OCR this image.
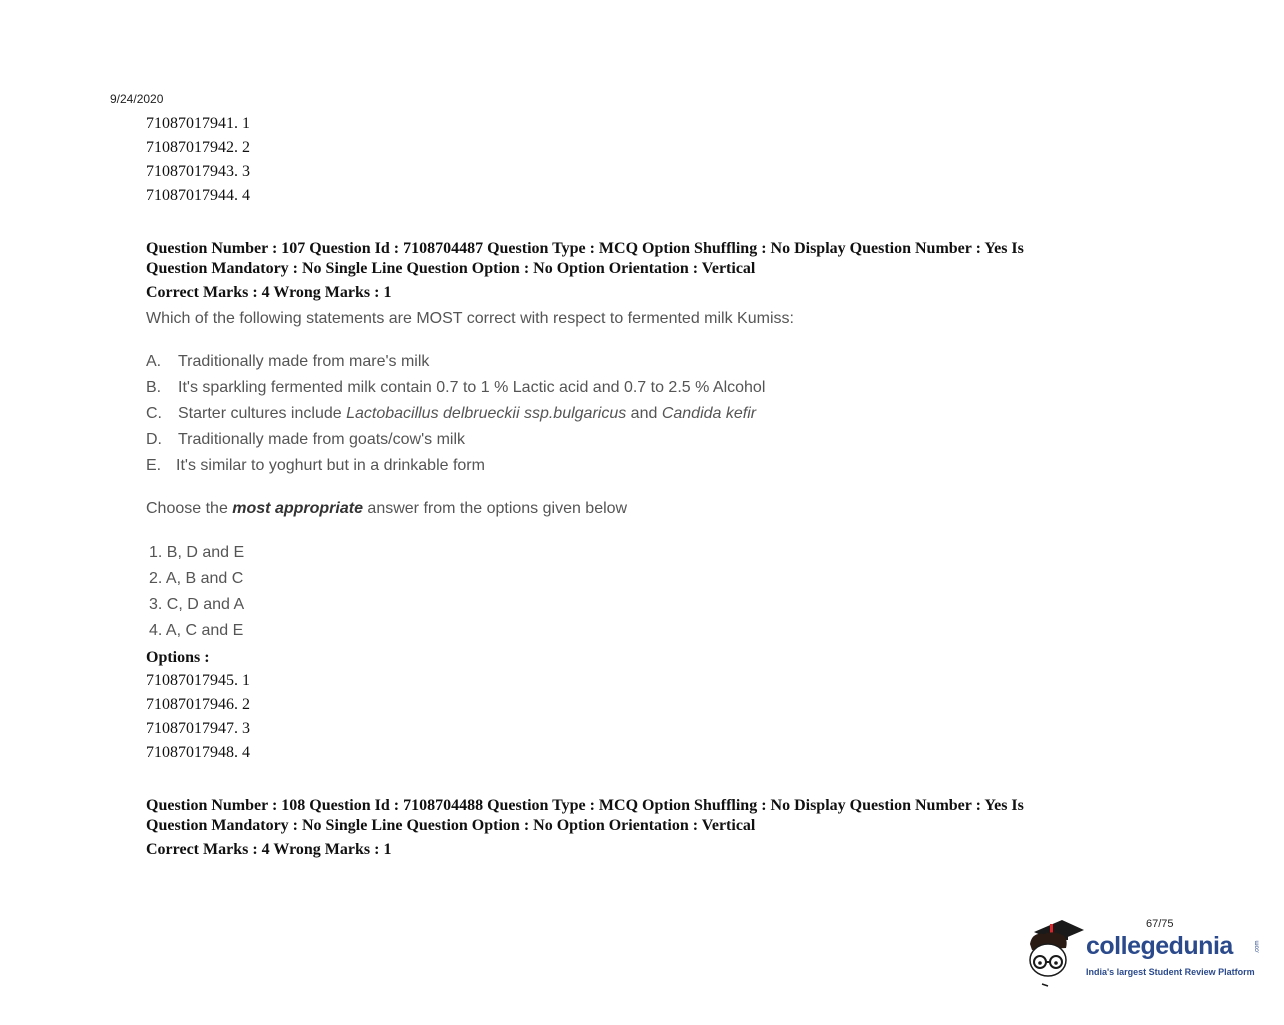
9/24/2020
71087017941. 1
71087017942. 2
71087017943. 3
71087017944. 4
Question Number : 107 Question Id : 7108704487 Question Type : MCQ Option Shuffling : No Display Question Number : Yes Is
Question Mandatory : No Single Line Question Option : No Option Orientation : Vertical
Correct Marks : 4 Wrong Marks : 1
Which of the following statements are MOST correct with respect to fermented milk Kumiss:
A. Traditionally made from mare's milk
B. It's sparkling fermented milk contain 0.7 to 1 % Lactic acid and 0.7 to 2.5 % Alcohol
C. Starter cultures include Lactobacillus delbrueckii ssp.bulgaricus and Candida kefir
D. Traditionally made from goats/cow's milk
E. It's similar to yoghurt but in a drinkable form
Choose the most appropriate answer from the options given below
1. B, D and E
2. A, B and C
3. C, D and A
4. A, C and E
Options :
71087017945. 1
71087017946. 2
71087017947. 3
71087017948. 4
Question Number : 108 Question Id : 7108704488 Question Type : MCQ Option Shuffling : No Display Question Number : Yes Is
Question Mandatory : No Single Line Question Option : No Option Orientation : Vertical
Correct Marks : 4 Wrong Marks : 1
67/75
collegedunia	.com
India's largest Student Review Platform
